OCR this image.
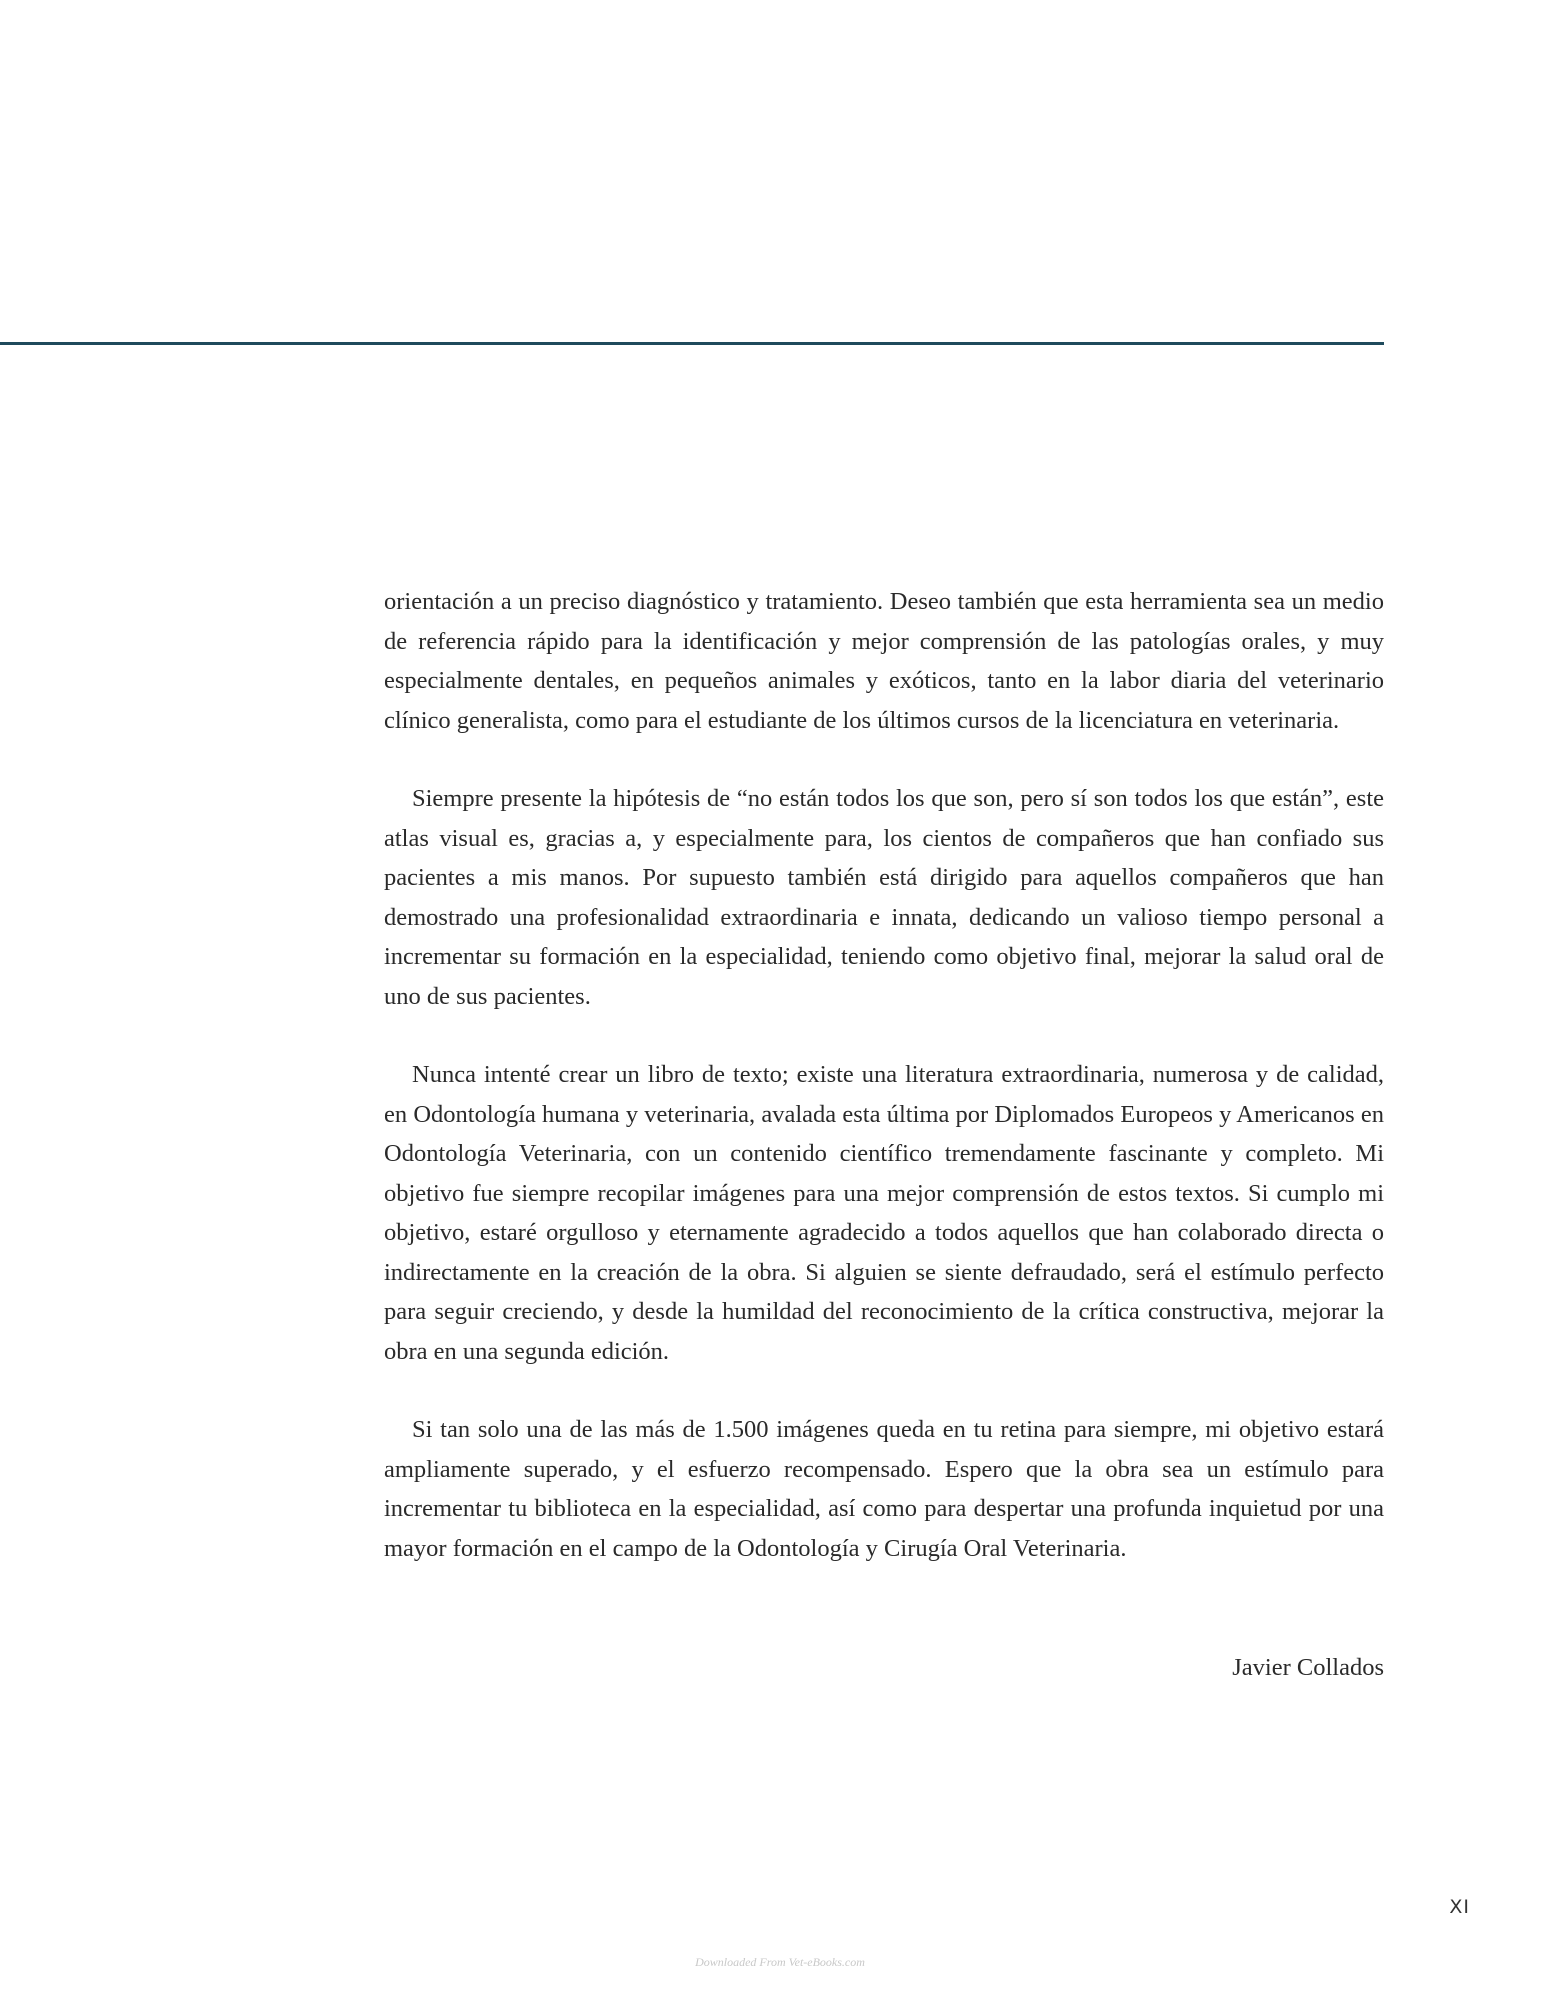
orientación a un preciso diagnóstico y tratamiento. Deseo también que esta herramienta sea un medio de referencia rápido para la identificación y mejor comprensión de las patologías orales, y muy especialmente dentales, en pequeños animales y exóticos, tanto en la labor diaria del veterinario clínico generalista, como para el estudiante de los últimos cursos de la licenciatura en veterinaria.

Siempre presente la hipótesis de “no están todos los que son, pero sí son todos los que están”, este atlas visual es, gracias a, y especialmente para, los cientos de compañeros que han confiado sus pacientes a mis manos. Por supuesto también está dirigido para aquellos compañeros que han demostrado una profesionalidad extraordinaria e innata, dedicando un valioso tiempo personal a incrementar su formación en la especialidad, teniendo como objetivo final, mejorar la salud oral de uno de sus pacientes.

Nunca intenté crear un libro de texto; existe una literatura extraordinaria, numerosa y de calidad, en Odontología humana y veterinaria, avalada esta última por Diplomados Europeos y Americanos en Odontología Veterinaria, con un contenido científico tremendamente fascinante y completo. Mi objetivo fue siempre recopilar imágenes para una mejor comprensión de estos textos. Si cumplo mi objetivo, estaré orgulloso y eternamente agradecido a todos aquellos que han colaborado directa o indirectamente en la creación de la obra. Si alguien se siente defraudado, será el estímulo perfecto para seguir creciendo, y desde la humildad del reconocimiento de la crítica constructiva, mejorar la obra en una segunda edición.

Si tan solo una de las más de 1.500 imágenes queda en tu retina para siempre, mi objetivo estará ampliamente superado, y el esfuerzo recompensado. Espero que la obra sea un estímulo para incrementar tu biblioteca en la especialidad, así como para despertar una profunda inquietud por una mayor formación en el campo de la Odontología y Cirugía Oral Veterinaria.

Javier Collados
XI
Downloaded From Vet-eBooks.com
